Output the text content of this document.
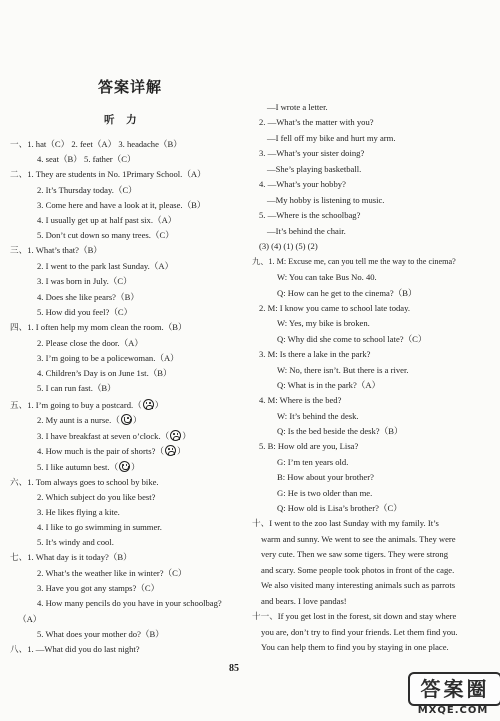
答案详解
听 力
一、1. hat（C） 2. feet（A） 3. headache（B）
4. seat（B） 5. father（C）
二、1. They are students in No. 1Primary School.（A）
2. It’s Thursday today.（C）
3. Come here and have a look at it, please.（B）
4. I usually get up at half past six.（A）
5. Don’t cut down so many trees.（C）
三、1. What’s that?（B）
2. I went to the park last Sunday.（A）
3. I was born in July.（C）
4. Does she like pears?（B）
5. How did you feel?（C）
四、1. I often help my mom clean the room.（B）
2. Please close the door.（A）
3. I’m going to be a policewoman.（A）
4. Children’s Day is on June 1st.（B）
5. I can run fast.（B）
五、1. I’m going to buy a postcard.（ ）
2. My aunt is a nurse.（ ）
3. I have breakfast at seven o’clock.（ ）
4. How much is the pair of shorts?（ ）
5. I like autumn best.（ ）
六、1. Tom always goes to school by bike.
2. Which subject do you like best?
3. He likes flying a kite.
4. I like to go swimming in summer.
5. It’s windy and cool.
七、1. What day is it today?（B）
2. What’s the weather like in winter?（C）
3. Have you got any stamps?（C）
4. How many pencils do you have in your schoolbag?
（A）
5. What does your mother do?（B）
八、1. —What did you do last night?
—I wrote a letter.
2. —What’s the matter with you?
—I fell off my bike and hurt my arm.
3. —What’s your sister doing?
—She’s playing basketball.
4. —What’s your hobby?
—My hobby is listening to music.
5. —Where is the schoolbag?
—It’s behind the chair.
(3) (4) (1) (5) (2)
九、1. M: Excuse me, can you tell me the way to the cinema?
W: You can take Bus No. 40.
Q: How can he get to the cinema?（B）
2. M: I know you came to school late today.
W: Yes, my bike is broken.
Q: Why did she come to school late?（C）
3. M: Is there a lake in the park?
W: No, there isn’t. But there is a river.
Q: What is in the park?（A）
4. M: Where is the bed?
W: It’s behind the desk.
Q: Is the bed beside the desk?（B）
5. B: How old are you, Lisa?
G: I’m ten years old.
B: How about your brother?
G: He is two older than me.
Q: How old is Lisa’s brother?（C）
十、I went to the zoo last Sunday with my family. It’s
warm and sunny. We went to see the animals. They were
very cute. Then we saw some tigers. They were strong
and scary. Some people took photos in front of the cage.
We also visited many interesting animals such as parrots
and bears. I love pandas!
十一、If you get lost in the forest, sit down and stay where
you are, don’t try to find your friends. Let them find you.
You can help them to find you by staying in one place.
85
答案圈
MXQE.COM
